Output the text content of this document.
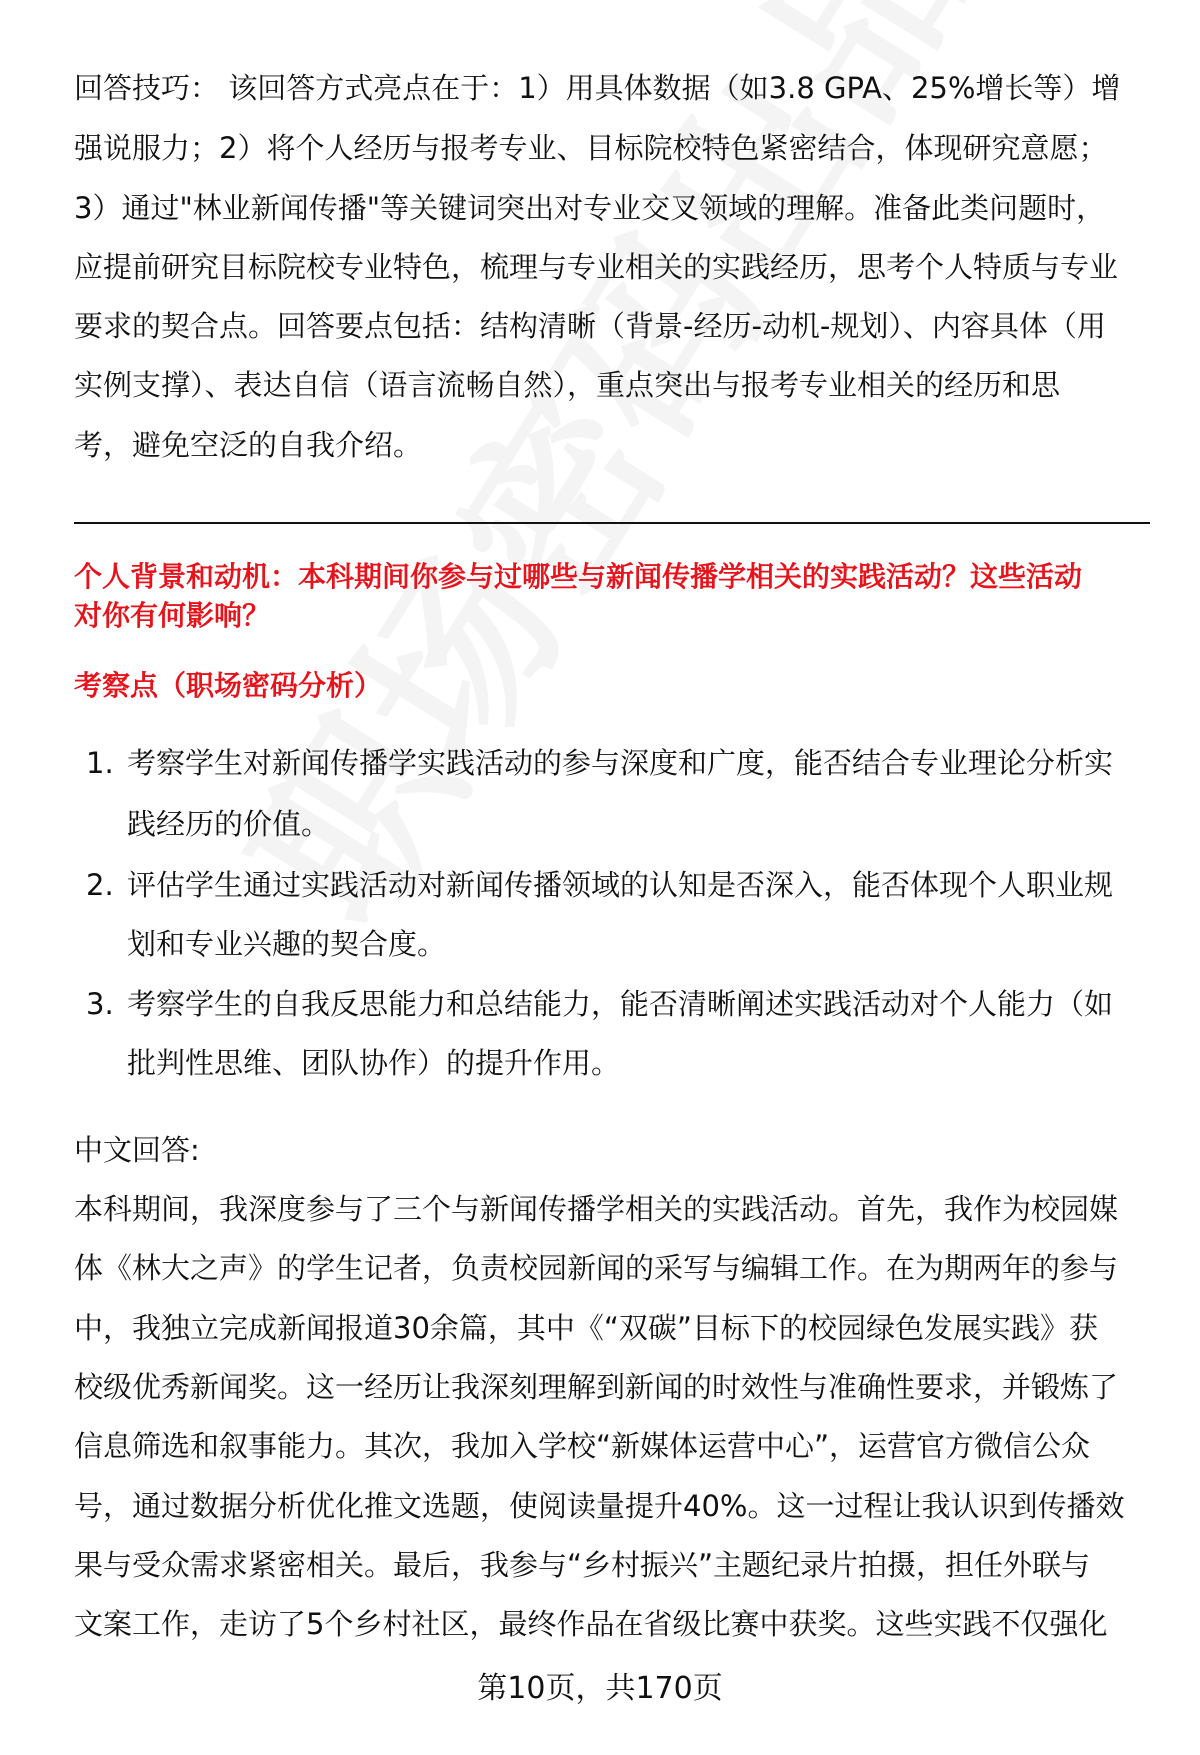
回答技巧： 该回答方式亮点在于：1）用具体数据（如3.8 GPA、25%增长等）增
强说服力；2）将个人经历与报考专业、目标院校特色紧密结合，体现研究意愿；
3）通过"林业新闻传播"等关键词突出对专业交叉领域的理解。准备此类问题时，
应提前研究目标院校专业特色，梳理与专业相关的实践经历，思考个人特质与专业
要求的契合点。回答要点包括：结构清晰（背景-经历-动机-规划）、内容具体（用
实例支撑）、表达自信（语言流畅自然），重点突出与报考专业相关的经历和思
考，避免空泛的自我介绍。
个人背景和动机：本科期间你参与过哪些与新闻传播学相关的实践活动？这些活动
对你有何影响？
考察点（职场密码分析）
1. 考察学生对新闻传播学实践活动的参与深度和广度，能否结合专业理论分析实
践经历的价值。
2. 评估学生通过实践活动对新闻传播领域的认知是否深入，能否体现个人职业规
划和专业兴趣的契合度。
3. 考察学生的自我反思能力和总结能力，能否清晰阐述实践活动对个人能力（如
批判性思维、团队协作）的提升作用。
中文回答:
本科期间，我深度参与了三个与新闻传播学相关的实践活动。首先，我作为校园媒
体《林大之声》的学生记者，负责校园新闻的采写与编辑工作。在为期两年的参与
中，我独立完成新闻报道30余篇，其中《“双碳”目标下的校园绿色发展实践》获
校级优秀新闻奖。这一经历让我深刻理解到新闻的时效性与准确性要求，并锻炼了
信息筛选和叙事能力。其次，我加入学校“新媒体运营中心”，运营官方微信公众
号，通过数据分析优化推文选题，使阅读量提升40%。这一过程让我认识到传播效
果与受众需求紧密相关。最后，我参与“乡村振兴”主题纪录片拍摄，担任外联与
文案工作，走访了5个乡村社区，最终作品在省级比赛中获奖。这些实践不仅强化
第10页，共170页
